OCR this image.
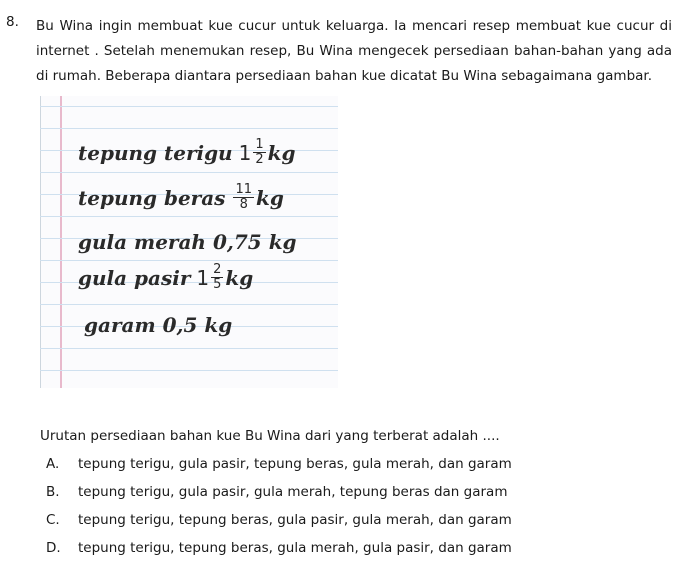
8. Bu Wina ingin membuat kue cucur untuk keluarga. Ia mencari resep membuat kue cucur di
internet . Setelah menemukan resep, Bu Wina mengecek persediaan bahan-bahan yang ada
di rumah. Beberapa diantara persediaan bahan kue dicatat Bu Wina sebagaimana gambar.
tepung terigu $1 \frac{1}{2}$ kg
tepung beras $\frac{11}{8}$ kg
gula merah 0,75 kg
gula pasir $1 \frac{2}{5}$ kg
garam 0,5 kg
Urutan persediaan bahan kue Bu Wina dari yang terberat adalah ....
A. tepung terigu, gula pasir, tepung beras, gula merah, dan garam
B. tepung terigu, gula pasir, gula merah, tepung beras dan garam
C. tepung terigu, tepung beras, gula pasir, gula merah, dan garam
D. tepung terigu, tepung beras, gula merah, gula pasir, dan garam
